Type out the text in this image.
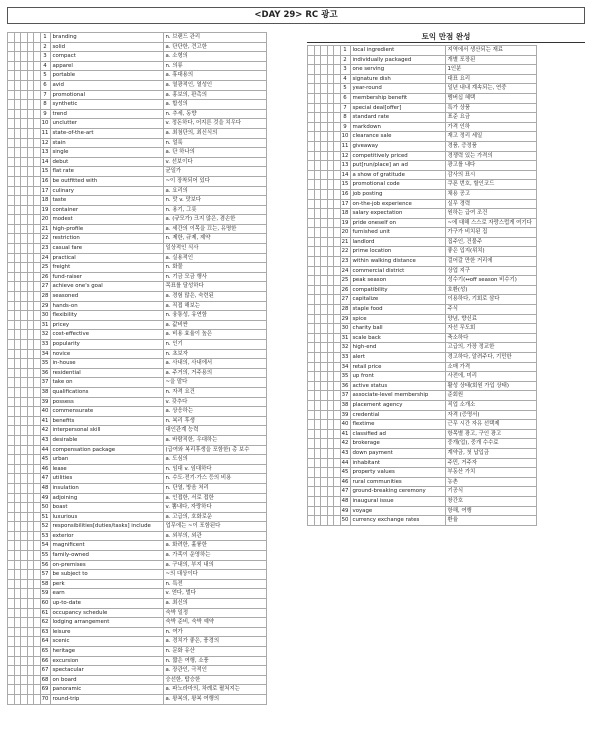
<DAY 29> RC 광고
					1	branding	n. 브랜드 관리
					2	solid	a. 단단한, 견고한
					3	compact	a. 소형의
					4	apparel	n. 의류
					5	portable	a. 휴대용의
					6	avid	a. 열광적인, 열성인
					7	promotional	a. 홍보의, 판촉의
					8	synthetic	a. 합성의
					9	trend	n. 추세, 동향
					10	unclutter	v. 정돈하다, 어지른 것을 치우다
					11	state-of-the-art	a. 최첨단의, 최신식의
					12	stain	n. 얼룩
					13	single	a. 단 하나의
					14	debut	v. 선보이다
					15	flat rate	균일가
					16	be outfitted with	~이 장착되어 있다
					17	culinary	a. 요리의
					18	taste	n. 맛 v. 맛보다
					19	container	n. 용기, 그릇
					20	modest	a. (규모가) 크지 않은, 겸손한
					21	high-profile	a. 세간의 이목을 끄는, 유명한
					22	restriction	n. 제한, 규제, 제약
					23	casual fare	일상적인 식사
					24	practical	a. 실용적인
					25	freight	n. 화물
					26	fund-raiser	n. 기금 모금 행사
					27	achieve one's goal	목표를 달성하다
					28	seasoned	a. 경험 많은, 숙련된
					29	hands-on	a. 직접 해보는
					30	flexibility	n. 융통성, 유연함
					31	pricey	a. 값비싼
					32	cost-effective	a. 비용 효율이 높은
					33	popularity	n. 인기
					34	novice	n. 초보자
					35	in-house	a. 사내의, 사내에서
					36	residential	a. 주거의, 거주용의
					37	take on	~을 맡다
					38	qualifications	n. 자격 요건
					39	possess	v. 갖추다
					40	commensurate	a. 상응하는
					41	benefits	n. 복리 후생
					42	interpersonal skill	대인관계 능력
					43	desirable	a. 바람직한, 우대하는
					44	compensation package	(급여와 복리후생을 포함한) 총 보수
					45	urban	a. 도심의
					46	lease	n. 임대 v. 임대하다
					47	utilities	n. 수도·전기·가스 등의 비용
					48	insulation	n. 단열, 방음 처리
					49	adjoining	a. 인접한, 서로 접한
					50	boast	v. 뽐내다, 자랑하다
					51	luxurious	a. 고급의, 호화로운
					52	responsibilities[duties/tasks] include	업무에는 ~이 포함된다
					53	exterior	a. 외부의, 외관
					54	magnificent	a. 화려한, 훌륭한
					55	family-owned	a. 가족이 운영하는
					56	on-premises	a. 구내의, 부지 내의
					57	be subject to	~의 대상이다
					58	perk	n. 특전
					59	earn	v. 얻다, 벌다
					60	up-to-date	a. 최신의
					61	occupancy schedule	숙박 일정
					62	lodging arrangement	숙박 준비, 숙박 예약
					63	leisure	n. 여가
					64	scenic	a. 경치가 좋은, 풍경의
					65	heritage	n. 문화 유산
					66	excursion	n. 짧은 여행, 소풍
					67	spectacular	a. 장관인, 극적인
					68	on board	승선한, 탑승한
					69	panoramic	a. 파노라마의, 차례로 펼쳐지는
					70	round-trip	a. 왕복의, 왕복 여행의
토익 만점 완성
					1	local ingredient	지역에서 생산되는 재료
					2	individually packaged	개별 포장된
					3	one serving	1인분
					4	signature dish	대표 요리
					5	year-round	일년 내내 계속되는, 연중
					6	membership benefit	멤버십 혜택
					7	special deal[offer]	특가 상품
					8	standard rate	표준 요금
					9	markdown	가격 인하
					10	clearance sale	재고 정리 세일
					11	giveaway	경품, 증정품
					12	competitively priced	경쟁력 있는 가격의
					13	put[run/place] an ad	광고를 내다
					14	a show of gratitude	감사의 표시
					15	promotional code	쿠폰 번호, 할인코드
					16	job posting	채용 공고
					17	on-the-job experience	실무 경력
					18	salary expectation	원하는 급여 조건
					19	pride oneself on	~에 대해 스스로 자랑스럽게 여기다
					20	furnished unit	가구가 비치된 집
					21	landlord	집주인, 건물주
					22	prime location	좋은 입지(위치)
					23	within walking distance	걸어갈 만한 거리에
					24	commercial district	상업 지구
					25	peak season	성수기(↔off season 비수기)
					26	compatibility	호환(성)
					27	capitalize	이용하다, 기회로 삼다
					28	staple food	주식
					29	spice	양념, 향신료
					30	charity ball	자선 무도회
					31	scale back	축소하다
					32	high-end	고급의, 가장 정교한
					33	alert	경고하다, 알려주다, 기민한
					34	retail price	소매 가격
					35	up front	사전에, 미리
					36	active status	활성 상태(회원 가입 상태)
					37	associate-level membership	준회원
					38	placement agency	직업 소개소
					39	credential	자격 (증명서)
					40	flextime	근무 시간 자유 선택제
					41	classified ad	항목별 광고, 구인 광고
					42	brokerage	중개(업), 중개 수수료
					43	down payment	계약금, 첫 납입금
					44	inhabitant	주민, 거주자
					45	property values	부동산 가치
					46	rural communities	농촌
					47	ground-breaking ceremony	기공식
					48	inaugural issue	창간호
					49	voyage	항해, 여행
					50	currency exchange rates	환율
